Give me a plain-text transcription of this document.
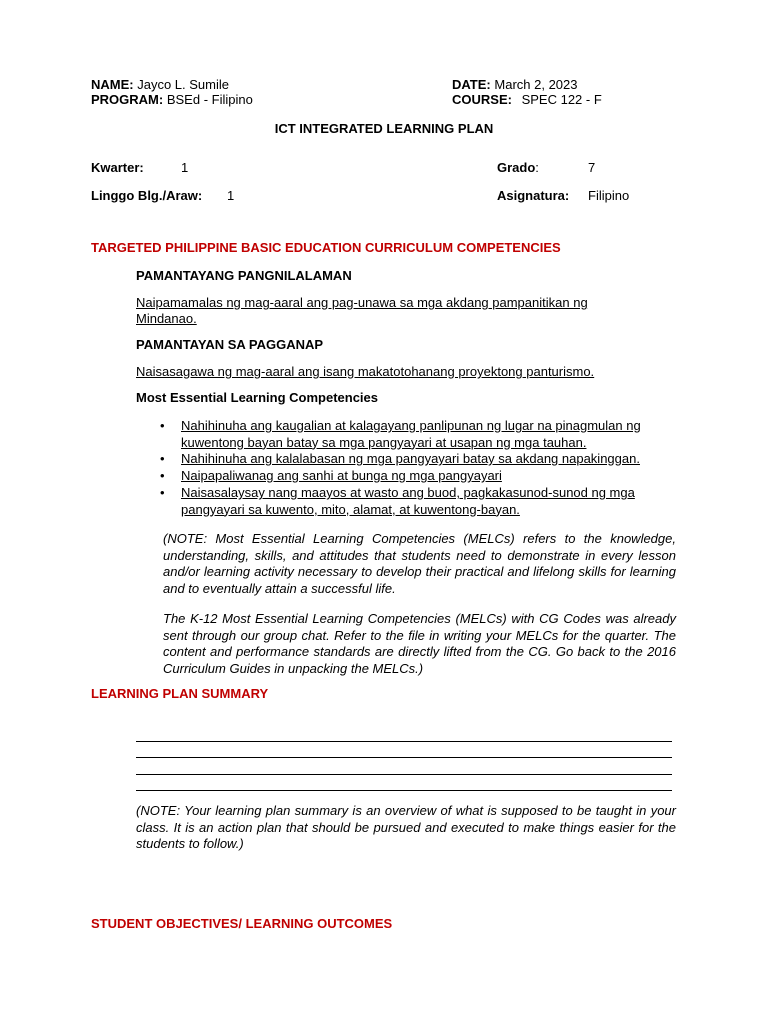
NAME: Jayco L. Sumile
PROGRAM: BSEd - Filipino
DATE: March 2, 2023
COURSE: SPEC 122 - F
ICT INTEGRATED LEARNING PLAN
Kwarter:	1	Grado:	7
Linggo Blg./Araw: 1	Asignatura: Filipino
TARGETED PHILIPPINE BASIC EDUCATION CURRICULUM COMPETENCIES
PAMANTAYANG PANGNILALAMAN
Naipamamalas ng mag-aaral ang pag-unawa sa mga akdang pampanitikan ng
Mindanao.
PAMANTAYAN SA PAGGANAP
Naisasagawa ng mag-aaral ang isang makatotohanang proyektong panturismo.
Most Essential Learning Competencies
• Nahihinuha ang kaugalian at kalagayang panlipunan ng lugar na pinagmulan ng
kuwentong bayan batay sa mga pangyayari at usapan ng mga tauhan.
• Nahihinuha ang kalalabasan ng mga pangyayari batay sa akdang napakinggan.
• Naipapaliwanag ang sanhi at bunga ng mga pangyayari
• Naisasalaysay nang maayos at wasto ang buod, pagkakasunod-sunod ng mga
pangyayari sa kuwento, mito, alamat, at kuwentong-bayan.
(NOTE: Most Essential Learning Competencies (MELCs) refers to the knowledge, understanding, skills, and attitudes that students need to demonstrate in every lesson and/or learning activity necessary to develop their practical and lifelong skills for learning and to eventually attain a successful life.
The K-12 Most Essential Learning Competencies (MELCs) with CG Codes was already sent through our group chat. Refer to the file in writing your MELCs for the quarter. The content and performance standards are directly lifted from the CG. Go back to the 2016 Curriculum Guides in unpacking the MELCs.)
LEARNING PLAN SUMMARY
(NOTE: Your learning plan summary is an overview of what is supposed to be taught in your class. It is an action plan that should be pursued and executed to make things easier for the students to follow.)
STUDENT OBJECTIVES/ LEARNING OUTCOMES
